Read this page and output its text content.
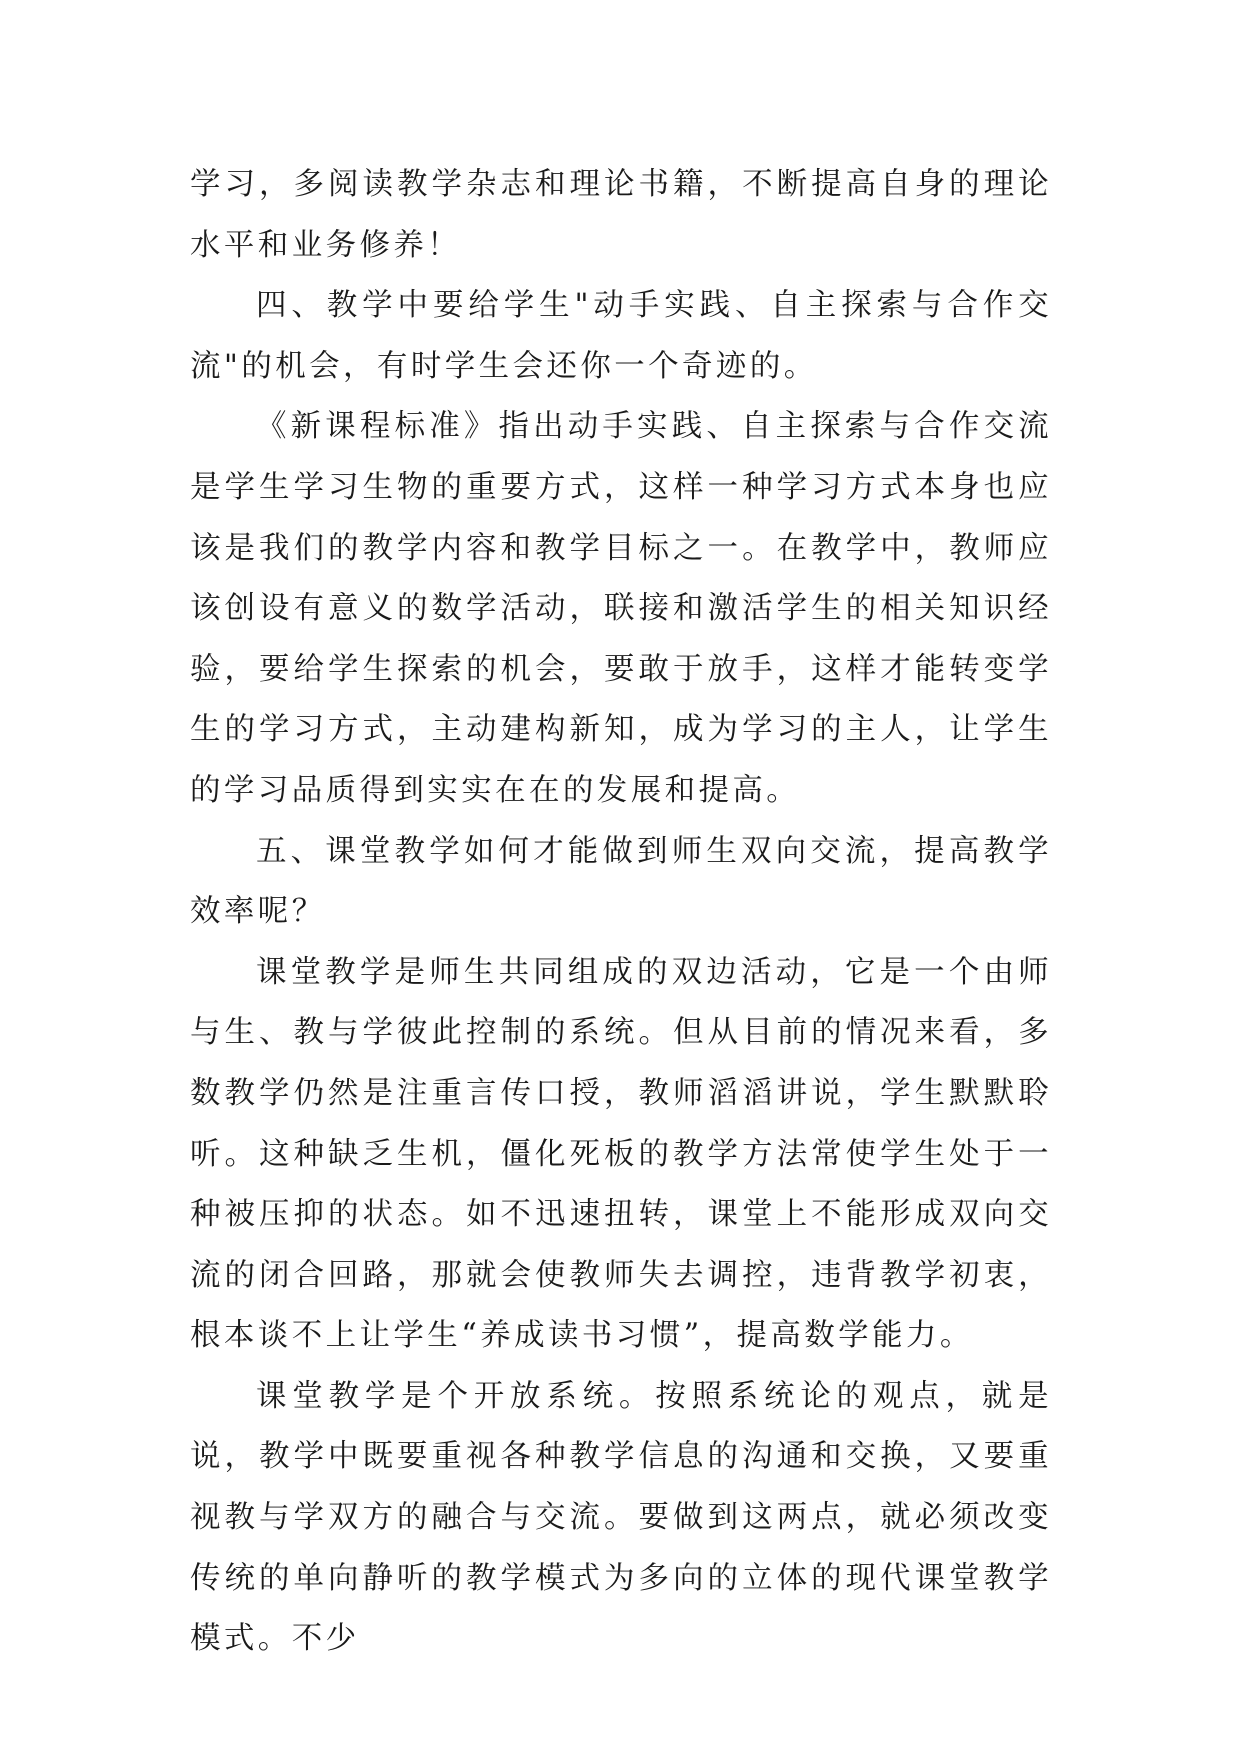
学习，多阅读教学杂志和理论书籍，不断提高自身的理论水平和业务修养！

四、教学中要给学生"动手实践、自主探索与合作交流"的机会，有时学生会还你一个奇迹的。

《新课程标准》指出动手实践、自主探索与合作交流是学生学习生物的重要方式，这样一种学习方式本身也应该是我们的教学内容和教学目标之一。在教学中，教师应该创设有意义的数学活动，联接和激活学生的相关知识经验，要给学生探索的机会，要敢于放手，这样才能转变学生的学习方式，主动建构新知，成为学习的主人，让学生的学习品质得到实实在在的发展和提高。

五、课堂教学如何才能做到师生双向交流，提高教学效率呢？

课堂教学是师生共同组成的双边活动，它是一个由师与生、教与学彼此控制的系统。但从目前的情况来看，多数教学仍然是注重言传口授，教师滔滔讲说，学生默默聆听。这种缺乏生机，僵化死板的教学方法常使学生处于一种被压抑的状态。如不迅速扭转，课堂上不能形成双向交流的闭合回路，那就会使教师失去调控，违背教学初衷，根本谈不上让学生“养成读书习惯”，提高数学能力。

课堂教学是个开放系统。按照系统论的观点，就是说，教学中既要重视各种教学信息的沟通和交换，又要重视教与学双方的融合与交流。要做到这两点，就必须改变传统的单向静听的教学模式为多向的立体的现代课堂教学模式。不少
